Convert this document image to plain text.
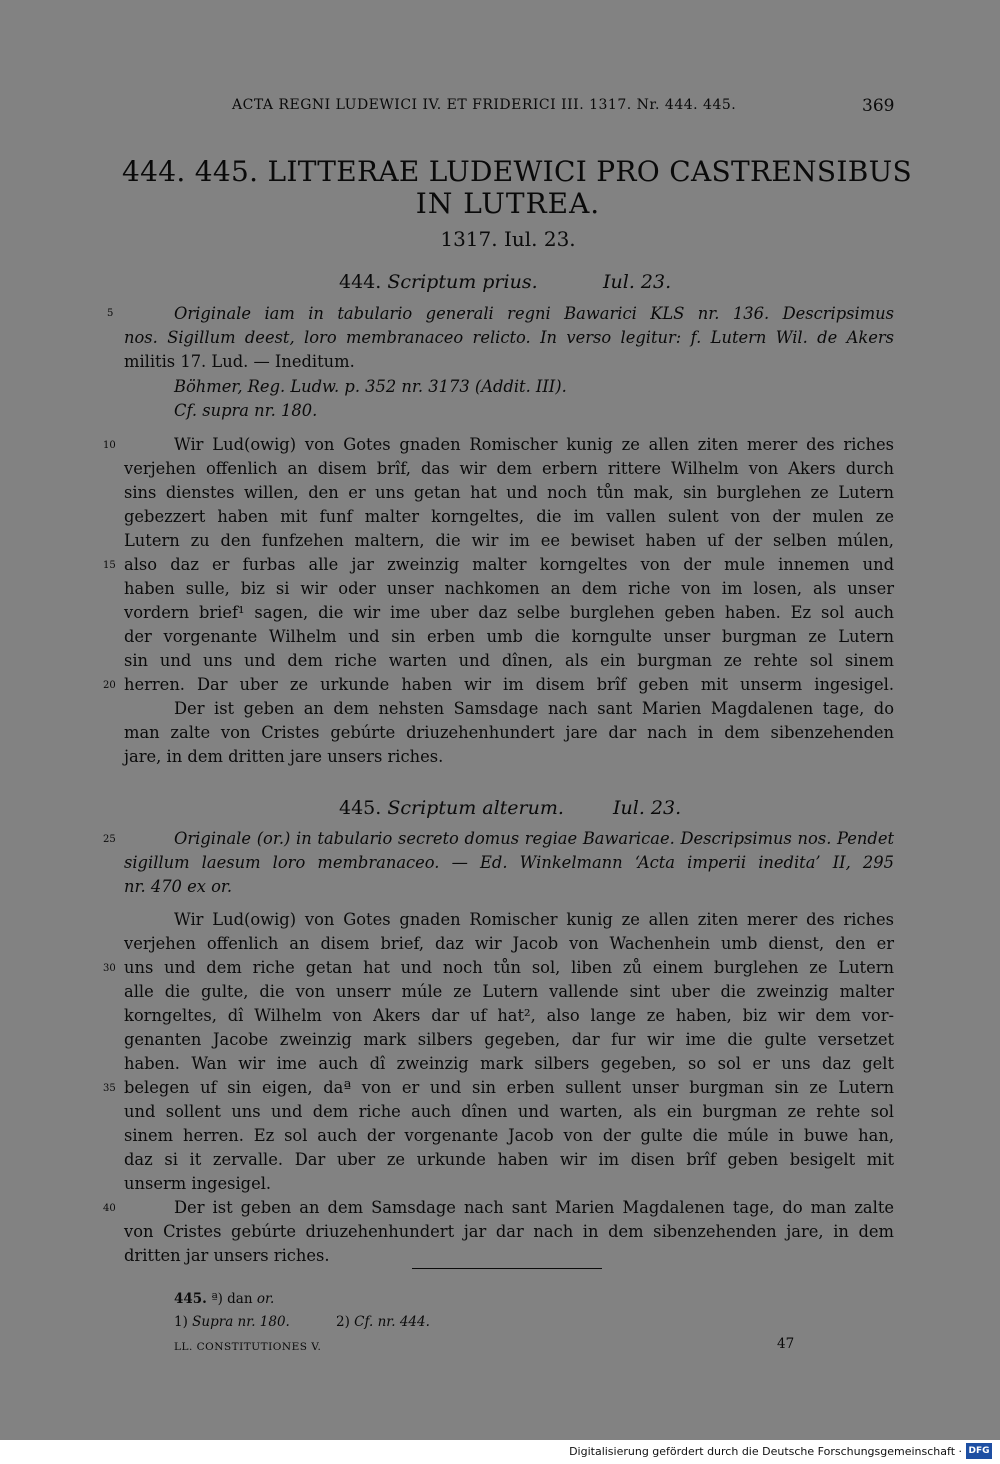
ACTA REGNI LUDEWICI IV. ET FRIDERICI III. 1317. Nr. 444. 445.	369
444. 445. LITTERAE LUDEWICI PRO CASTRENSIBUS
IN LUTREA.
1317. Iul. 23.
444. Scriptum prius.	Iul. 23.
Originale iam in tabulario generali regni Bawarici KLS nr. 136. Descripsimus
nos. Sigillum deest, loro membranaceo relicto. In verso legitur: f. Lutern Wil. de Akers
militis 17. Lud. — Ineditum.
Böhmer, Reg. Ludw. p. 352 nr. 3173 (Addit. III).
Cf. supra nr. 180.
Wir Lud(owig) von Gotes gnaden Romischer kunig ze allen ziten merer des riches
verjehen offenlich an disem brîf, das wir dem erbern rittere Wilhelm von Akers durch
sins dienstes willen, den er uns getan hat und noch tůn mak, sin burglehen ze Lutern
gebezzert haben mit funf malter korngeltes, die im vallen sulent von der mulen ze
Lutern zu den funfzehen maltern, die wir im ee bewiset haben uf der selben múlen,
also daz er furbas alle jar zweinzig malter korngeltes von der mule innemen und
haben sulle, biz si wir oder unser nachkomen an dem riche von im losen, als unser
vordern brief¹ sagen, die wir ime uber daz selbe burglehen geben haben. Ez sol auch
der vorgenante Wilhelm und sin erben umb die korngulte unser burgman ze Lutern
sin und uns und dem riche warten und dînen, als ein burgman ze rehte sol sinem
herren. Dar uber ze urkunde haben wir im disem brîf geben mit unserm ingesigel.
Der ist geben an dem nehsten Samsdage nach sant Marien Magdalenen tage, do
man zalte von Cristes gebúrte driuzehenhundert jare dar nach in dem sibenzehenden
jare, in dem dritten jare unsers riches.
445. Scriptum alterum.	Iul. 23.
Originale (or.) in tabulario secreto domus regiae Bawaricae. Descripsimus nos. Pendet
sigillum laesum loro membranaceo. — Ed. Winkelmann ‘Acta imperii inedita’ II, 295
nr. 470 ex or.
Wir Lud(owig) von Gotes gnaden Romischer kunig ze allen ziten merer des riches
verjehen offenlich an disem brief, daz wir Jacob von Wachenhein umb dienst, den er
uns und dem riche getan hat und noch tůn sol, liben zů einem burglehen ze Lutern
alle die gulte, die von unserr múle ze Lutern vallende sint uber die zweinzig malter
korngeltes, dî Wilhelm von Akers dar uf hat², also lange ze haben, biz wir dem vor-
genanten Jacobe zweinzig mark silbers gegeben, dar fur wir ime die gulte versetzet
haben. Wan wir ime auch dî zweinzig mark silbers gegeben, so sol er uns daz gelt
belegen uf sin eigen, daª von er und sin erben sullent unser burgman sin ze Lutern
und sollent uns und dem riche auch dînen und warten, als ein burgman ze rehte sol
sinem herren. Ez sol auch der vorgenante Jacob von der gulte die múle in buwe han,
daz si it zervalle. Dar uber ze urkunde haben wir im disen brîf geben besigelt mit
unserm ingesigel.
Der ist geben an dem Samsdage nach sant Marien Magdalenen tage, do man zalte
von Cristes gebúrte driuzehenhundert jar dar nach in dem sibenzehenden jare, in dem
dritten jar unsers riches.
5
10
15
20
25
30
35
40
445. ª) dan or.
1) Supra nr. 180.	2) Cf. nr. 444.
LL. CONSTITUTIONES V.	47
Digitalisierung gefördert durch die Deutsche Forschungsgemeinschaft · DFG
